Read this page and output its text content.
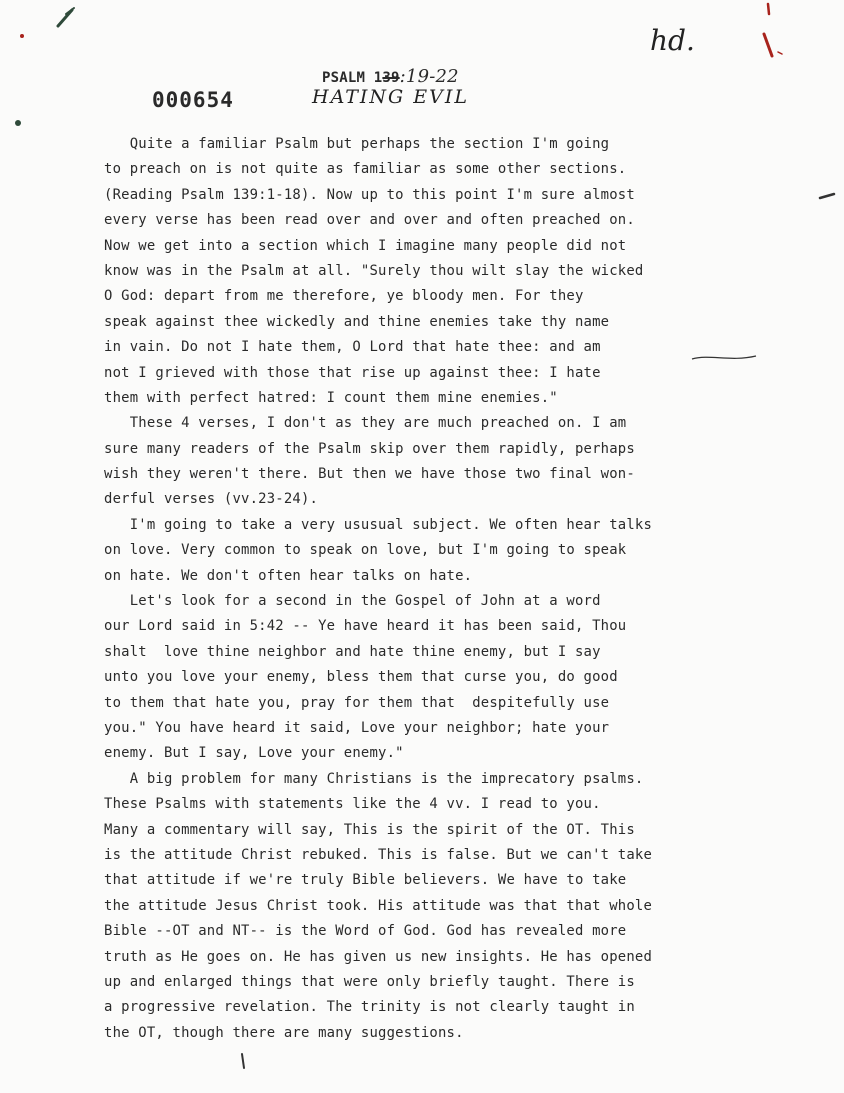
hd.
PSALM 139:19-22
HATING EVIL
000654
Quite a familiar Psalm but perhaps the section I'm going
to preach on is not quite as familiar as some other sections.
(Reading Psalm 139:1-18). Now up to this point I'm sure almost
every verse has been read over and over and often preached on.
Now we get into a section which I imagine many people did not
know was in the Psalm at all. "Surely thou wilt slay the wicked
O God: depart from me therefore, ye bloody men. For they
speak against thee wickedly and thine enemies take thy name
in vain. Do not I hate them, O Lord that hate thee: and am
not I grieved with those that rise up against thee: I hate
them with perfect hatred: I count them mine enemies."
These 4 verses, I don't as they are much preached on. I am
sure many readers of the Psalm skip over them rapidly, perhaps
wish they weren't there. But then we have those two final won-
derful verses (vv.23-24).
I'm going to take a very ususual subject. We often hear talks
on love. Very common to speak on love, but I'm going to speak
on hate. We don't often hear talks on hate.
Let's look for a second in the Gospel of John at a word
our Lord said in 5:42 -- Ye have heard it has been said, Thou
shalt  love thine neighbor and hate thine enemy, but I say
unto you love your enemy, bless them that curse you, do good
to them that hate you, pray for them that  despitefully use
you." You have heard it said, Love your neighbor; hate your
enemy. But I say, Love your enemy."
A big problem for many Christians is the imprecatory psalms.
These Psalms with statements like the 4 vv. I read to you.
Many a commentary will say, This is the spirit of the OT. This
is the attitude Christ rebuked. This is false. But we can't take
that attitude if we're truly Bible believers. We have to take
the attitude Jesus Christ took. His attitude was that that whole
Bible --OT and NT-- is the Word of God. God has revealed more
truth as He goes on. He has given us new insights. He has opened
up and enlarged things that were only briefly taught. There is
a progressive revelation. The trinity is not clearly taught in
the OT, though there are many suggestions.
